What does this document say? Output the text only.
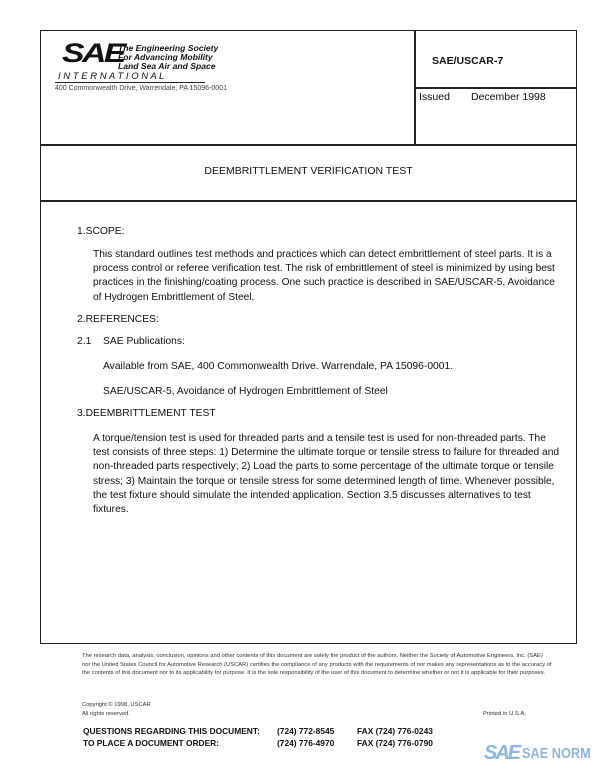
SAE
The Engineering Society
For Advancing Mobility
Land Sea Air and Space
I N T E R N A T I O N A L
400 Commonwealth Drive, Warrendale, PA 15096-0001
SAE/USCAR-7
Issued December 1998
DEEMBRITTLEMENT VERIFICATION TEST
1.SCOPE:
This standard outlines test methods and practices which can detect embrittlement of steel parts. It is a process control or referee verification test. The risk of embrittlement of steel is minimized by using best practices in the finishing/coating process. One such practice is described in SAE/USCAR-5, Avoidance of Hydrogen Embrittlement of Steel.
2.REFERENCES:
2.1 SAE Publications:
Available from SAE, 400 Commonwealth Drive. Warrendale, PA 15096-0001.
SAE/USCAR-5, Avoidance of Hydrogen Embrittlement of Steel
3.DEEMBRITTLEMENT TEST
A torque/tension test is used for threaded parts and a tensile test is used for non-threaded parts. The test consists of three steps: 1) Determine the ultimate torque or tensile stress to failure for threaded and non-threaded parts respectively; 2) Load the parts to some percentage of the ultimate torque or tensile stress; 3) Maintain the torque or tensile stress for some determined length of time. Whenever possible, the test fixture should simulate the intended application. Section 3.5 discusses alternatives to test fixtures.
The research data, analysis, conclusion, opinions and other contents of this document are solely the product of the authors. Neither the Society of Automotive Engineers, Inc. (SAE) nor the United States Council for Automotive Research (USCAR) certifies the compliance of any products with the requirements of nor makes any representations as to the accuracy of the contents of this document nor to its applicability for purpose. It is the sole responsibility of the user of this document to determine whether or not it is applicable for their purposes.
Copyright © 1998, USCAR
All rights reserved.	Printed in U.S.A.
QUESTIONS REGARDING THIS DOCUMENT: (724) 772-8545	FAX (724) 776-0243
TO PLACE A DOCUMENT ORDER:	(724) 776-4970	FAX (724) 776-0790	SAE SAE NORM
